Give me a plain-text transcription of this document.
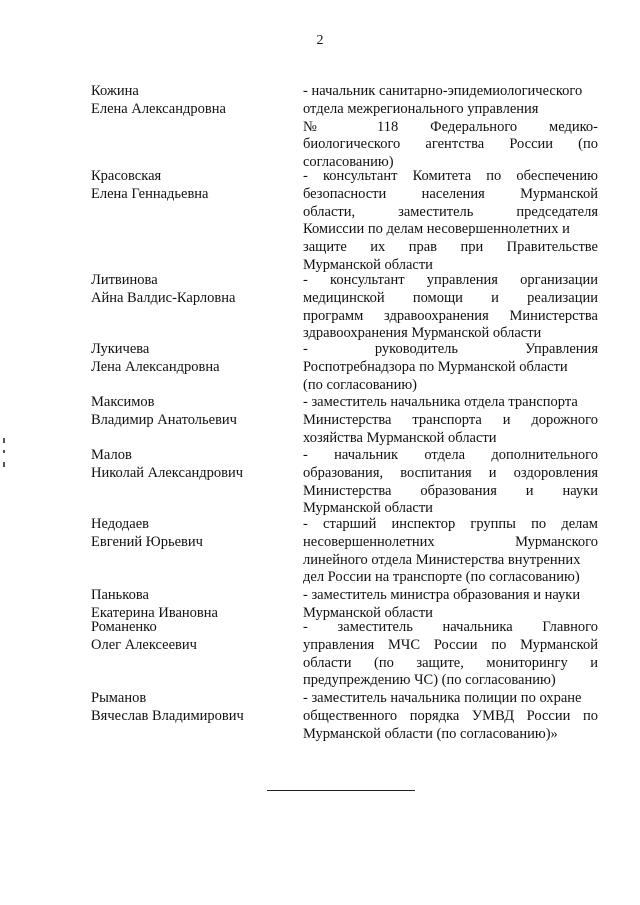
2
Кожина
Елена Александровна
- начальник санитарно-эпидемиологического
отдела межрегионального управления
№ 118 Федерального медико-
биологического агентства России (по
согласованию)
Красовская
Елена Геннадьевна
- консультант Комитета по обеспечению
безопасности населения Мурманской
области, заместитель председателя
Комиссии по делам несовершеннолетних и
защите их прав при Правительстве
Мурманской области
Литвинова
Айна Валдис-Карловна
- консультант управления организации
медицинской помощи и реализации
программ здравоохранения Министерства
здравоохранения Мурманской области
Лукичева
Лена Александровна
- руководитель Управления
Роспотребнадзора по Мурманской области
(по согласованию)
Максимов
Владимир Анатольевич
- заместитель начальника отдела транспорта
Министерства транспорта и дорожного
хозяйства Мурманской области
Малов
Николай Александрович
- начальник отдела дополнительного
образования, воспитания и оздоровления
Министерства образования и науки
Мурманской области
Недодаев
Евгений Юрьевич
- старший инспектор группы по делам
несовершеннолетних Мурманского
линейного отдела Министерства внутренних
дел России на транспорте (по согласованию)
Панькова
Екатерина Ивановна
- заместитель министра образования и науки
Мурманской области
Романенко
Олег Алексеевич
- заместитель начальника Главного
управления МЧС России по Мурманской
области (по защите, мониторингу и
предупреждению ЧС) (по согласованию)
Рыманов
Вячеслав Владимирович
- заместитель начальника полиции по охране
общественного порядка УМВД России по
Мурманской области (по согласованию)»
